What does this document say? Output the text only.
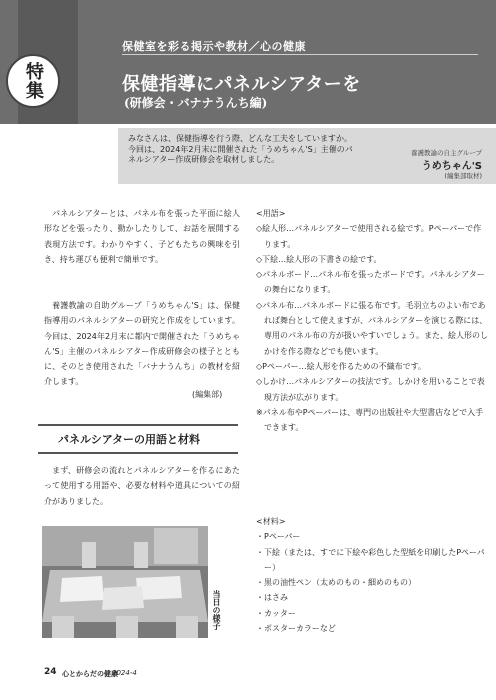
特集
保健室を彩る掲示や教材／心の健康
保健指導にパネルシアターを
(研修会・バナナうんち編)
みなさんは、保健指導を行う際、どんな工夫をしていますか。今回は、2024年2月末に開催された「うめちゃん'S」主催のパネルシアター作成研修会を取材しました。
養護教諭の自主グループ
うめちゃん'S
(編集部取材)
パネルシアターとは、パネル布を張った平面に絵人形などを張ったり、動かしたりして、お話を展開する表現方法です。わかりやすく、子どもたちの興味を引き、持ち運びも便利で簡単です。
養護教諭の自助グループ「うめちゃん'S」は、保健指導用のパネルシアターの研究と作成をしています。今回は、2024年2月末に都内で開催された「うめちゃん'S」主催のパネルシアター作成研修会の様子とともに、そのとき使用された「バナナうんち」の教材を紹介します。
(編集部)
パネルシアターの用語と材料
まず、研修会の流れとパネルシアターを作るにあたって使用する用語や、必要な材料や道具についての紹介がありました。
当日の様子

<用語>

◇絵人形…パネルシアターで使用される絵です。Pペーパーで作ります。

◇下絵…絵人形の下書きの絵です。

◇パネルボード…パネル布を張ったボードです。パネルシアターの舞台になります。

◇パネル布…パネルボードに張る布です。毛羽立ちのよい布であれば舞台として使えますが、パネルシアターを演じる際には、専用のパネル布の方が扱いやすいでしょう。また、絵人形のしかけを作る際などでも使います。

◇Pペーパー…絵人形を作るための不織布です。

◇しかけ…パネルシアターの技法です。しかけを用いることで表現方法が広がります。

※パネル布やPペーパーは、専門の出版社や大型書店などで入手できます。

<材料>

・Pペーパー

・下絵（または、すでに下絵や彩色した型紙を印刷したPペーパー）

・黒の油性ペン（太めのもの・細めのもの）

・はさみ

・カッター

・ポスターカラーなど

24 心とからだの健康
2024-4
